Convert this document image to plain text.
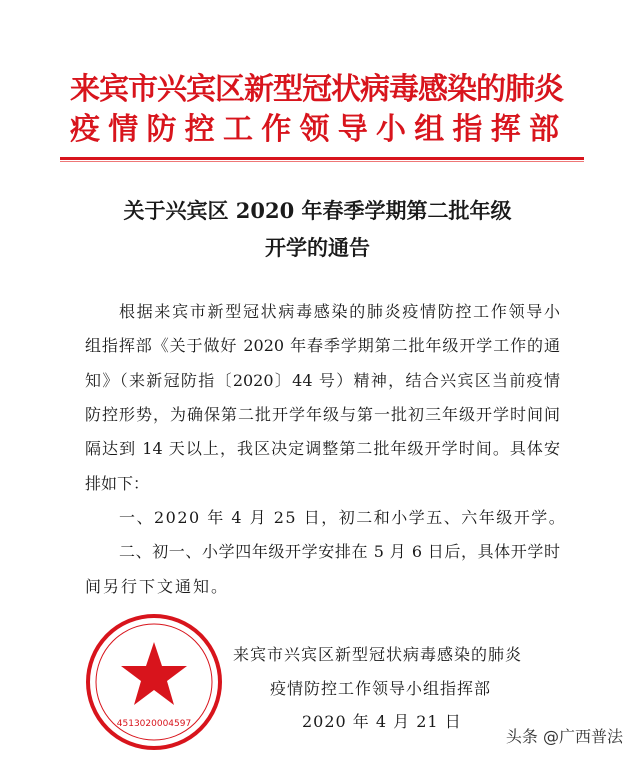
来宾市兴宾区新型冠状病毒感染的肺炎
疫情防控工作领导小组指挥部
关于兴宾区 2020 年春季学期第二批年级
开学的通告
根据来宾市新型冠状病毒感染的肺炎疫情防控工作领导小
组指挥部《关于做好 2020 年春季学期第二批年级开学工作的通
知》（来新冠防指〔2020〕44 号）精神，结合兴宾区当前疫情
防控形势，为确保第二批开学年级与第一批初三年级开学时间间
隔达到 14 天以上，我区决定调整第二批年级开学时间。具体安
排如下：
一、2020 年 4 月 25 日，初二和小学五、六年级开学。
二、初一、小学四年级开学安排在 5 月 6 日后，具体开学时
间另行下文通知。
4513020004597
来宾市兴宾区新型冠状病毒感染的肺炎
疫情防控工作领导小组指挥部
2020 年 4 月 21 日
头条 @广西普法
